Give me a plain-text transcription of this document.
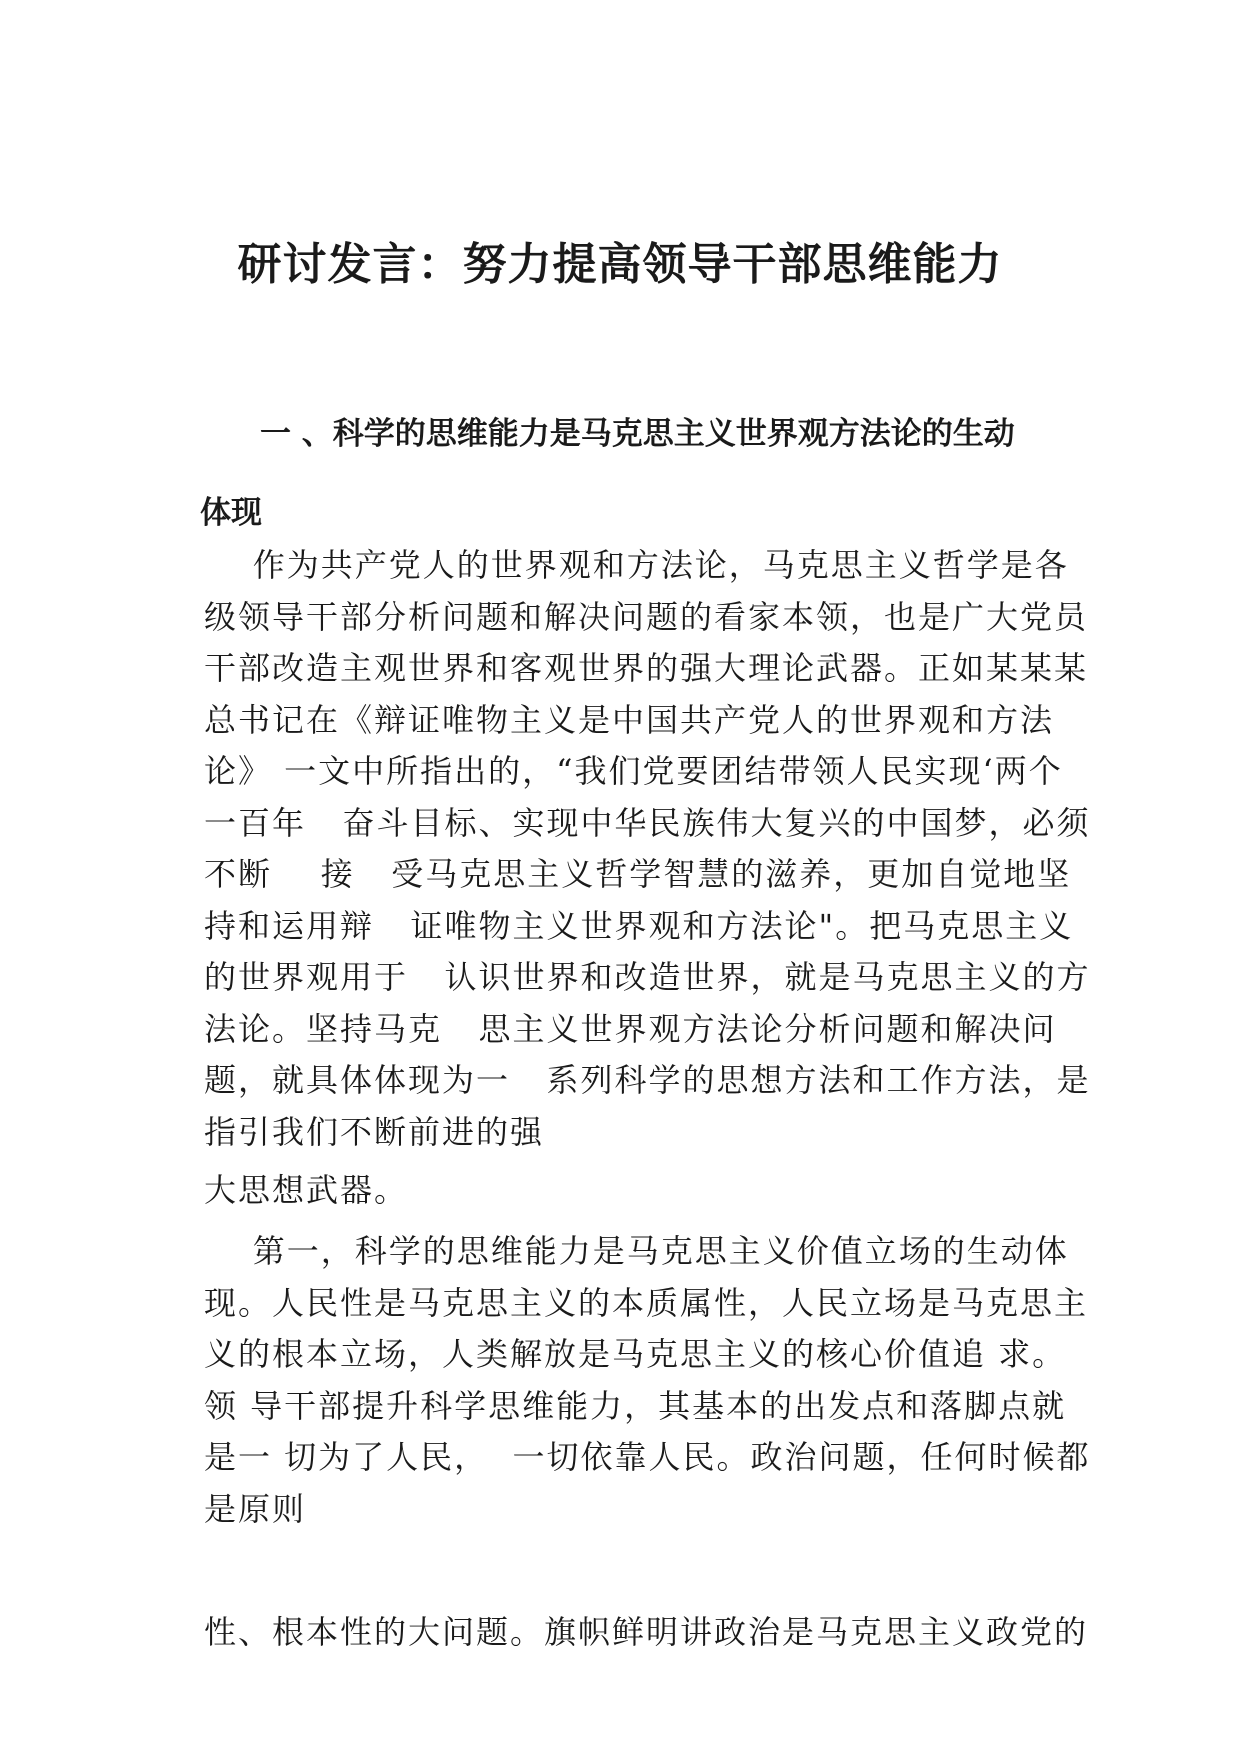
研讨发言：努力提高领导干部思维能力
一 、科学的思维能力是马克思主义世界观方法论的生动
体现
作为共产党人的世界观和方法论，马克思主义哲学是各
级领导干部分析问题和解决问题的看家本领，也是广大党员
干部改造主观世界和客观世界的强大理论武器。正如某某某
总书记在《辩证唯物主义是中国共产党人的世界观和方法
论》 一文中所指出的，“我们党要团结带领人民实现‘两个
一百年   奋斗目标、实现中华民族伟大复兴的中国梦，必须
不断    接   受马克思主义哲学智慧的滋养，更加自觉地坚
持和运用辩   证唯物主义世界观和方法论"。把马克思主义
的世界观用于   认识世界和改造世界，就是马克思主义的方
法论。坚持马克   思主义世界观方法论分析问题和解决问
题，就具体体现为一   系列科学的思想方法和工作方法，是
指引我们不断前进的强
大思想武器。
第一，科学的思维能力是马克思主义价值立场的生动体
现。人民性是马克思主义的本质属性，人民立场是马克思主
义的根本立场，人类解放是马克思主义的核心价值追 求。
领 导干部提升科学思维能力，其基本的出发点和落脚点就
是一 切为了人民，  一切依靠人民。政治问题，任何时候都
是原则
性、根本性的大问题。旗帜鲜明讲政治是马克思主义政党的
